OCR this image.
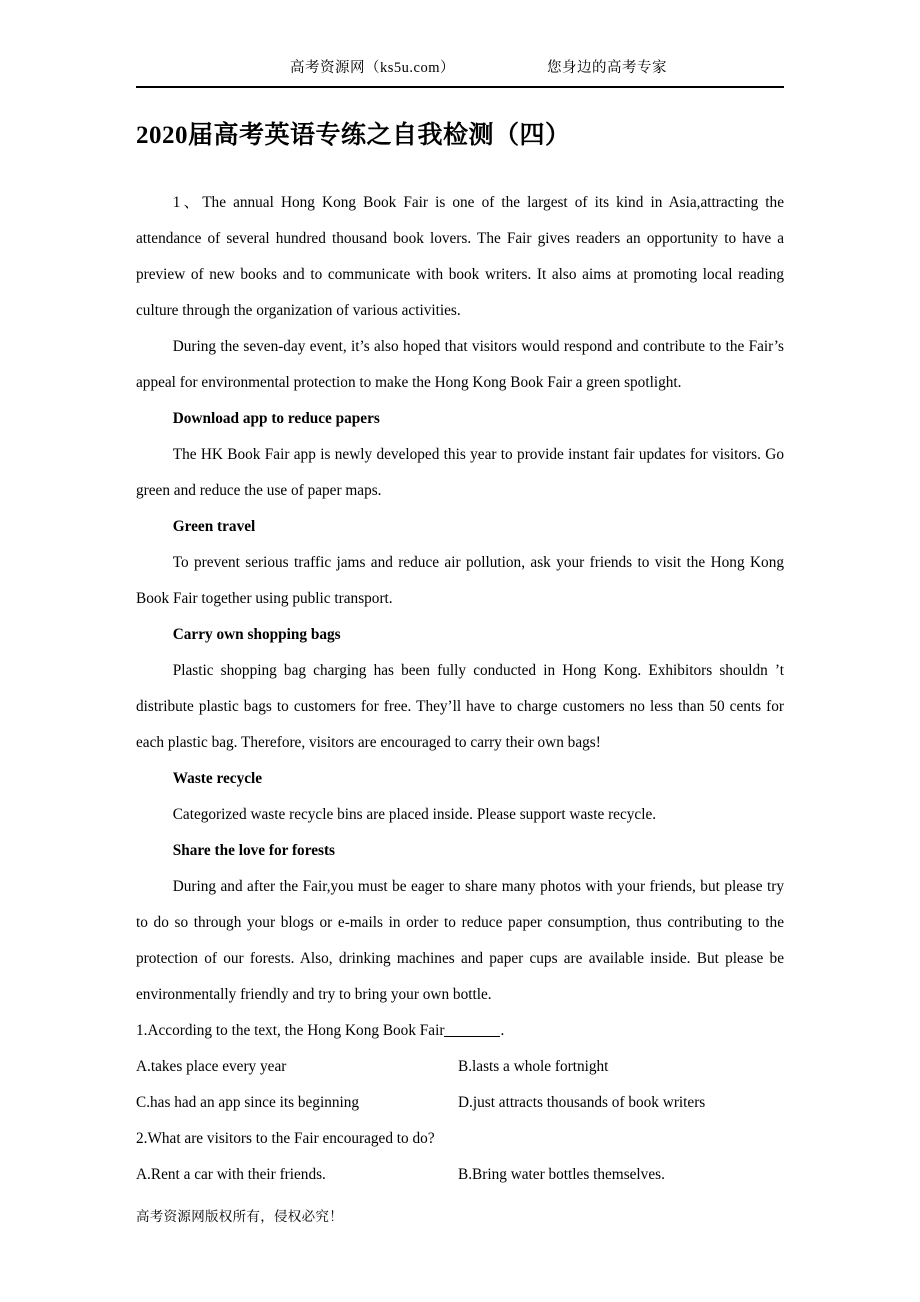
高考资源网（ks5u.com）	您身边的高考专家
2020届高考英语专练之自我检测（四）

1、The annual Hong Kong Book Fair is one of the largest of its kind in Asia,attracting the attendance of several hundred thousand book lovers. The Fair gives readers an opportunity to have a preview of new books and to communicate with book writers. It also aims at promoting local reading culture through the organization of various activities.

During the seven-day event, it’s also hoped that visitors would respond and contribute to the Fair’s appeal for environmental protection to make the Hong Kong Book Fair a green spotlight.

Download app to reduce papers

The HK Book Fair app is newly developed this year to provide instant fair updates for visitors. Go green and reduce the use of paper maps.

Green travel

To prevent serious traffic jams and reduce air pollution, ask your friends to visit the Hong Kong Book Fair together using public transport.

Carry own shopping bags

Plastic shopping bag charging has been fully conducted in Hong Kong. Exhibitors shouldn ’t distribute plastic bags to customers for free. They’ll have to charge customers no less than 50 cents for each plastic bag. Therefore, visitors are encouraged to carry their own bags!

Waste recycle

Categorized waste recycle bins are placed inside. Please support waste recycle.

Share the love for forests

During and after the Fair,you must be eager to share many photos with your friends, but please try to do so through your blogs or e-mails in order to reduce paper consumption, thus contributing to the protection of our forests. Also, drinking machines and paper cups are available inside. But please be environmentally friendly and try to bring your own bottle.

1.According to the text, the Hong Kong Book Fair	.

A.takes place every year	B.lasts a whole fortnight
C.has had an app since its beginning	D.just attracts thousands of book writers

2.What are visitors to the Fair encouraged to do?

A.Rent a car with their friends.	B.Bring water bottles themselves.
高考资源网版权所有，侵权必究！
